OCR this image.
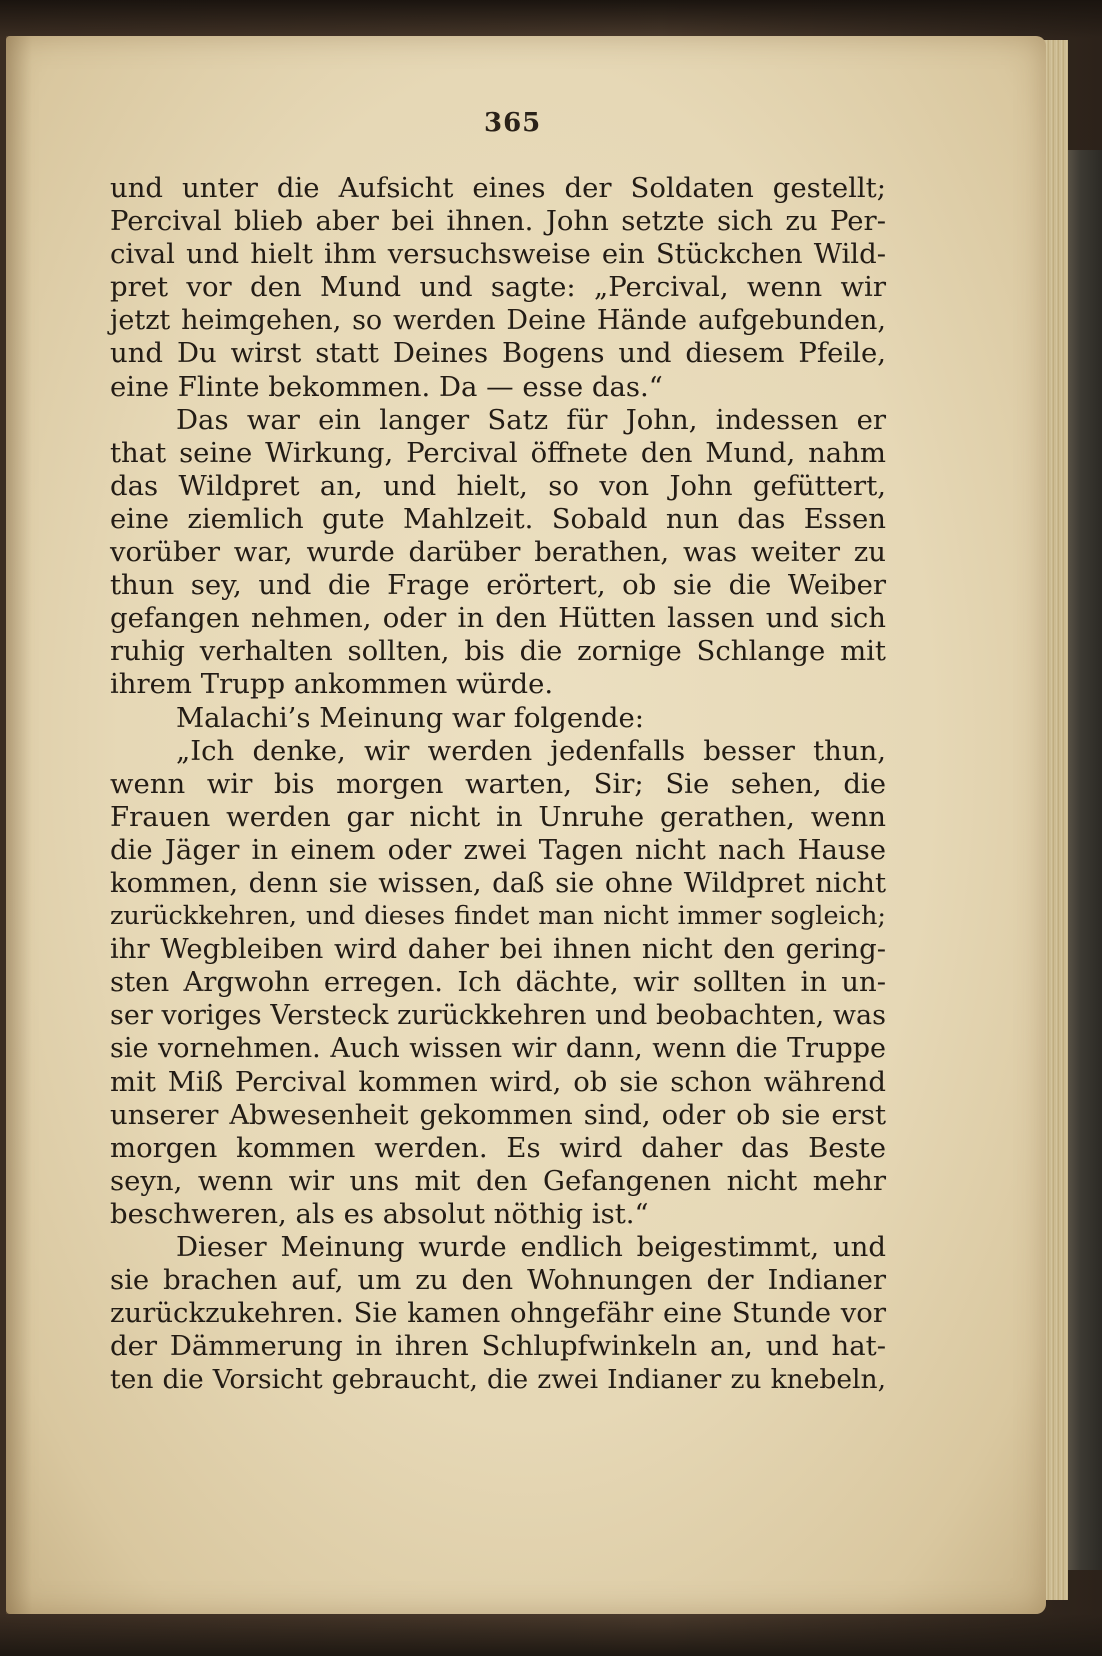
365
und unter die Aufsicht eines der Soldaten gestellt;
Percival blieb aber bei ihnen. John setzte sich zu Per-
cival und hielt ihm versuchsweise ein Stückchen Wild-
pret vor den Mund und sagte: „Percival, wenn wir
jetzt heimgehen, so werden Deine Hände aufgebunden,
und Du wirst statt Deines Bogens und diesem Pfeile,
eine Flinte bekommen. Da — esse das.“
Das war ein langer Satz für John, indessen er
that seine Wirkung, Percival öffnete den Mund, nahm
das Wildpret an, und hielt, so von John gefüttert,
eine ziemlich gute Mahlzeit. Sobald nun das Essen
vorüber war, wurde darüber berathen, was weiter zu
thun sey, und die Frage erörtert, ob sie die Weiber
gefangen nehmen, oder in den Hütten lassen und sich
ruhig verhalten sollten, bis die zornige Schlange mit
ihrem Trupp ankommen würde.
Malachi’s Meinung war folgende:
„Ich denke, wir werden jedenfalls besser thun,
wenn wir bis morgen warten, Sir; Sie sehen, die
Frauen werden gar nicht in Unruhe gerathen, wenn
die Jäger in einem oder zwei Tagen nicht nach Hause
kommen, denn sie wissen, daß sie ohne Wildpret nicht
zurückkehren, und dieses findet man nicht immer sogleich;
ihr Wegbleiben wird daher bei ihnen nicht den gering-
sten Argwohn erregen. Ich dächte, wir sollten in un-
ser voriges Versteck zurückkehren und beobachten, was
sie vornehmen. Auch wissen wir dann, wenn die Truppe
mit Miß Percival kommen wird, ob sie schon während
unserer Abwesenheit gekommen sind, oder ob sie erst
morgen kommen werden. Es wird daher das Beste
seyn, wenn wir uns mit den Gefangenen nicht mehr
beschweren, als es absolut nöthig ist.“
Dieser Meinung wurde endlich beigestimmt, und
sie brachen auf, um zu den Wohnungen der Indianer
zurückzukehren. Sie kamen ohngefähr eine Stunde vor
der Dämmerung in ihren Schlupfwinkeln an, und hat-
ten die Vorsicht gebraucht, die zwei Indianer zu knebeln,
